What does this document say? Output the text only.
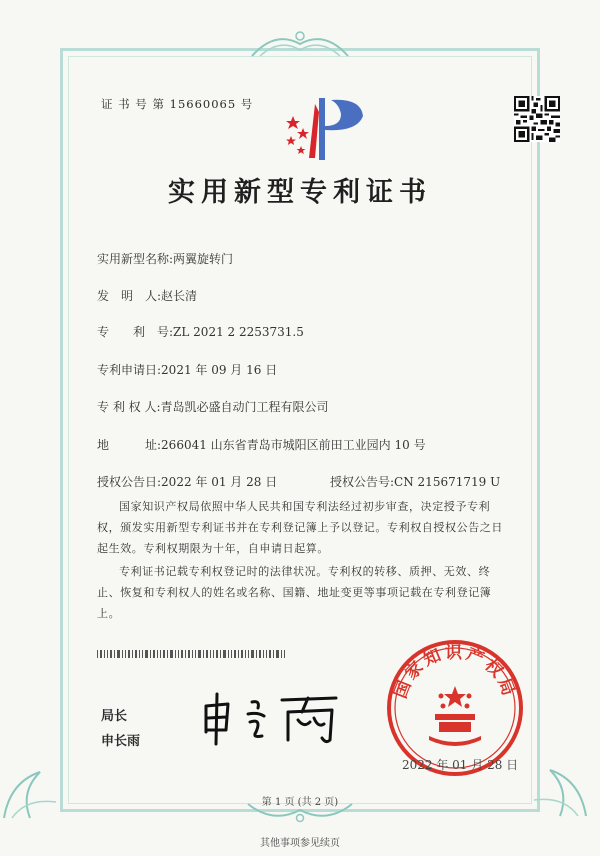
证 书 号 第 15660065 号
实用新型专利证书
实用新型名称:两翼旋转门
发　明　人:赵长清
专　　利　号:ZL 2021 2 2253731.5
专利申请日:2021 年 09 月 16 日
专 利 权 人:青岛凯必盛自动门工程有限公司
地　　　址:266041 山东省青岛市城阳区前田工业园内 10 号
授权公告日:2022 年 01 月 28 日	授权公告号:CN 215671719 U
国家知识产权局依照中华人民共和国专利法经过初步审查，决定授予专利权，颁发实用新型专利证书并在专利登记簿上予以登记。专利权自授权公告之日起生效。专利权期限为十年，自申请日起算。
专利证书记载专利权登记时的法律状况。专利权的转移、质押、无效、终止、恢复和专利权人的姓名或名称、国籍、地址变更等事项记载在专利登记簿上。
局长
申长雨
国家知识产权局
2022 年 01 月 28 日
第 1 页 (共 2 页)
其他事项参见续页
